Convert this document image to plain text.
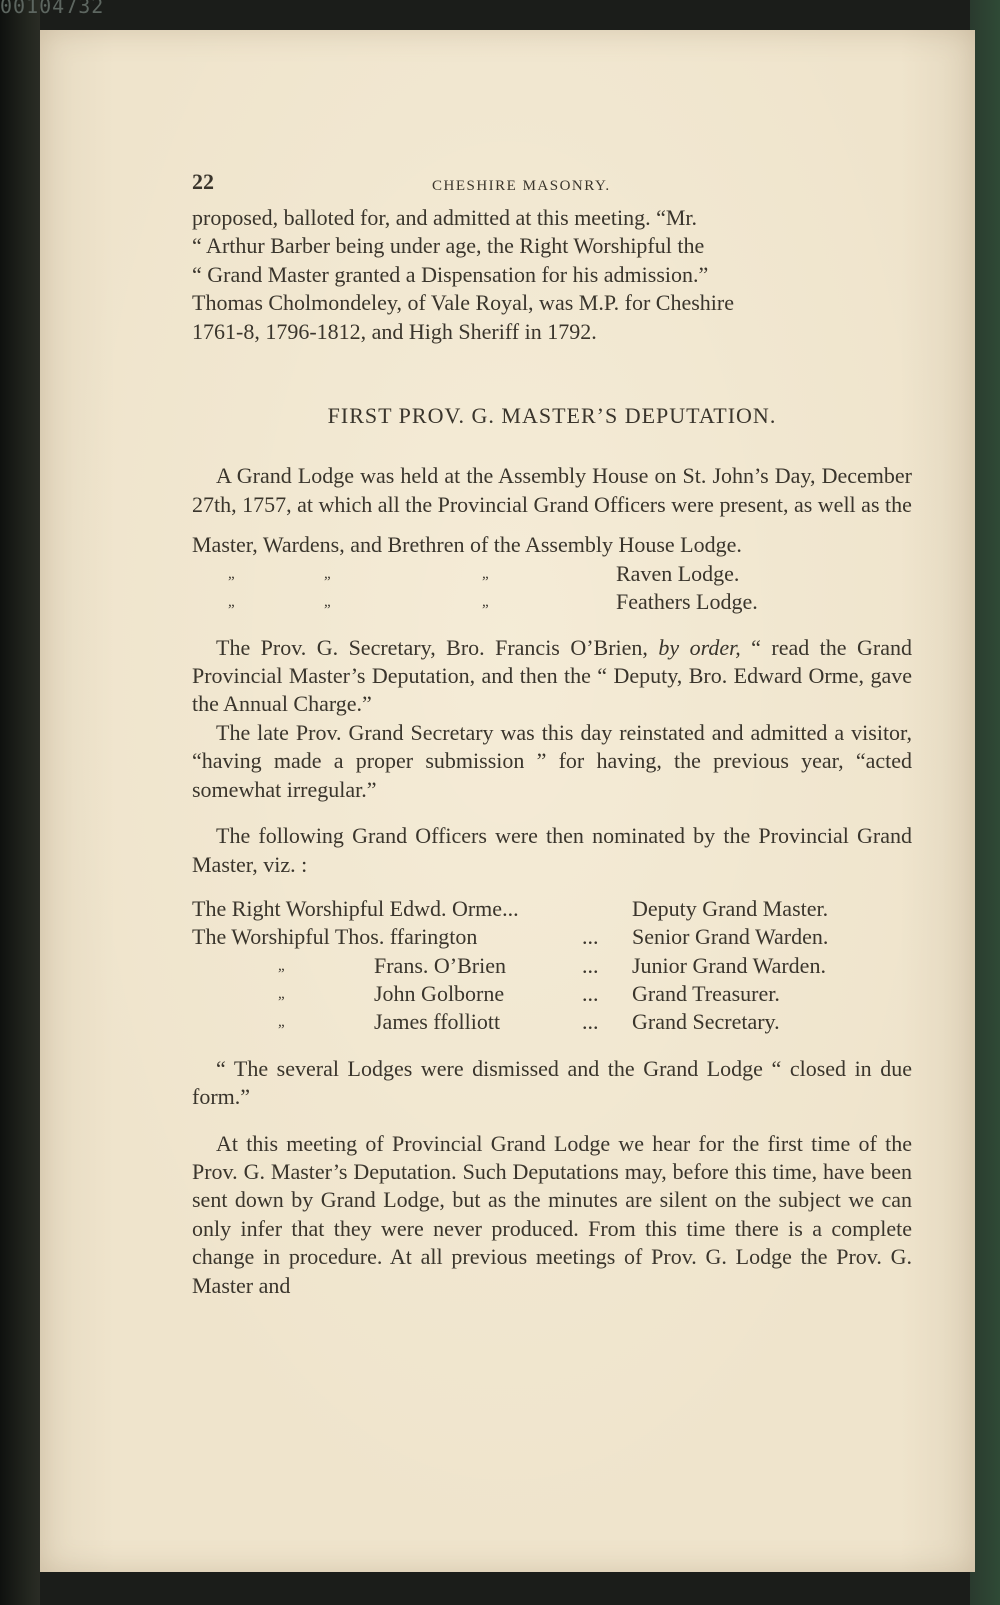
00104732
22	CHESHIRE MASONRY.
proposed, balloted for, and admitted at this meeting. “Mr.
“ Arthur Barber being under age, the Right Worshipful the
“ Grand Master granted a Dispensation for his admission.”
Thomas Cholmondeley, of Vale Royal, was M.P. for Cheshire
1761-8, 1796-1812, and High Sheriff in 1792.
FIRST PROV. G. MASTER’S DEPUTATION.

A Grand Lodge was held at the Assembly House on St. John’s Day, December 27th, 1757, at which all the Provincial Grand Officers were present, as well as the

Master, Wardens, and Brethren of the Assembly House Lodge.
„	„	„	Raven Lodge.
„	„	„	Feathers Lodge.

The Prov. G. Secretary, Bro. Francis O’Brien, by order, “ read the Grand Provincial Master’s Deputation, and then the “ Deputy, Bro. Edward Orme, gave the Annual Charge.”

The late Prov. Grand Secretary was this day reinstated and admitted a visitor, “having made a proper submission ” for having, the previous year, “acted somewhat irregular.”

The following Grand Officers were then nominated by the Provincial Grand Master, viz. :

The Right Worshipful Edwd. Orme...	Deputy Grand Master.
The Worshipful Thos. ffarington	... Senior Grand Warden.
„	Frans. O’Brien	... Junior Grand Warden.
„	John Golborne	... Grand Treasurer.
„	James ffolliott	... Grand Secretary.

“ The several Lodges were dismissed and the Grand Lodge “ closed in due form.”

At this meeting of Provincial Grand Lodge we hear for the first time of the Prov. G. Master’s Deputation. Such Deputations may, before this time, have been sent down by Grand Lodge, but as the minutes are silent on the subject we can only infer that they were never produced. From this time there is a complete change in procedure. At all previous meetings of Prov. G. Lodge the Prov. G. Master and
